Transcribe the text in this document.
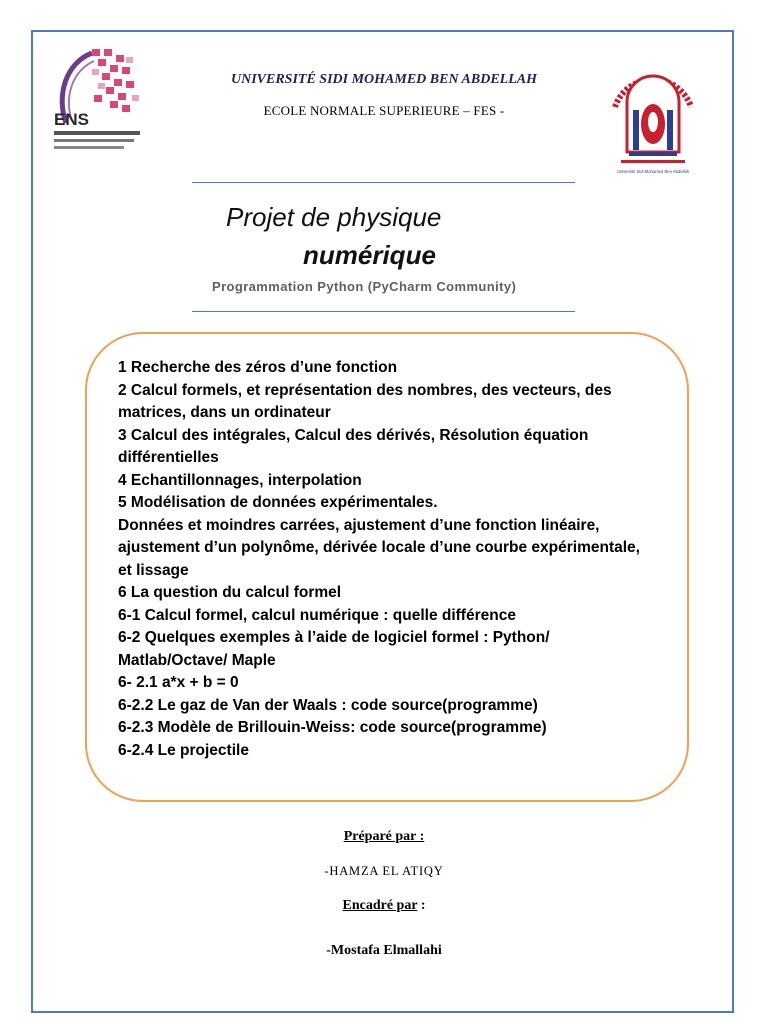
ENS
Université Sidi Mohamed Ben Abdellah
UNIVERSITÉ SIDI MOHAMED BEN ABDELLAH
ECOLE NORMALE SUPERIEURE – FES -
Projet de physique
numérique
Programmation Python (PyCharm Community)
1 Recherche des zéros d’une fonction
2 Calcul formels, et représentation des nombres, des vecteurs, des matrices, dans un ordinateur
3 Calcul des intégrales, Calcul des dérivés, Résolution équation différentielles
4 Echantillonnages, interpolation
5 Modélisation de données expérimentales.
Données et moindres carrées, ajustement d’une fonction linéaire, ajustement d’un polynôme, dérivée locale d’une courbe expérimentale, et lissage
6 La question du calcul formel
6-1 Calcul formel, calcul numérique : quelle différence
6-2 Quelques exemples à l’aide de logiciel formel : Python/ Matlab/Octave/ Maple
6- 2.1 a*x + b = 0
6-2.2 Le gaz de Van der Waals : code source(programme)
6-2.3 Modèle de Brillouin-Weiss: code source(programme)
6-2.4 Le projectile
Préparé par :
-HAMZA EL ATIQY
Encadré par :
-Mostafa Elmallahi
